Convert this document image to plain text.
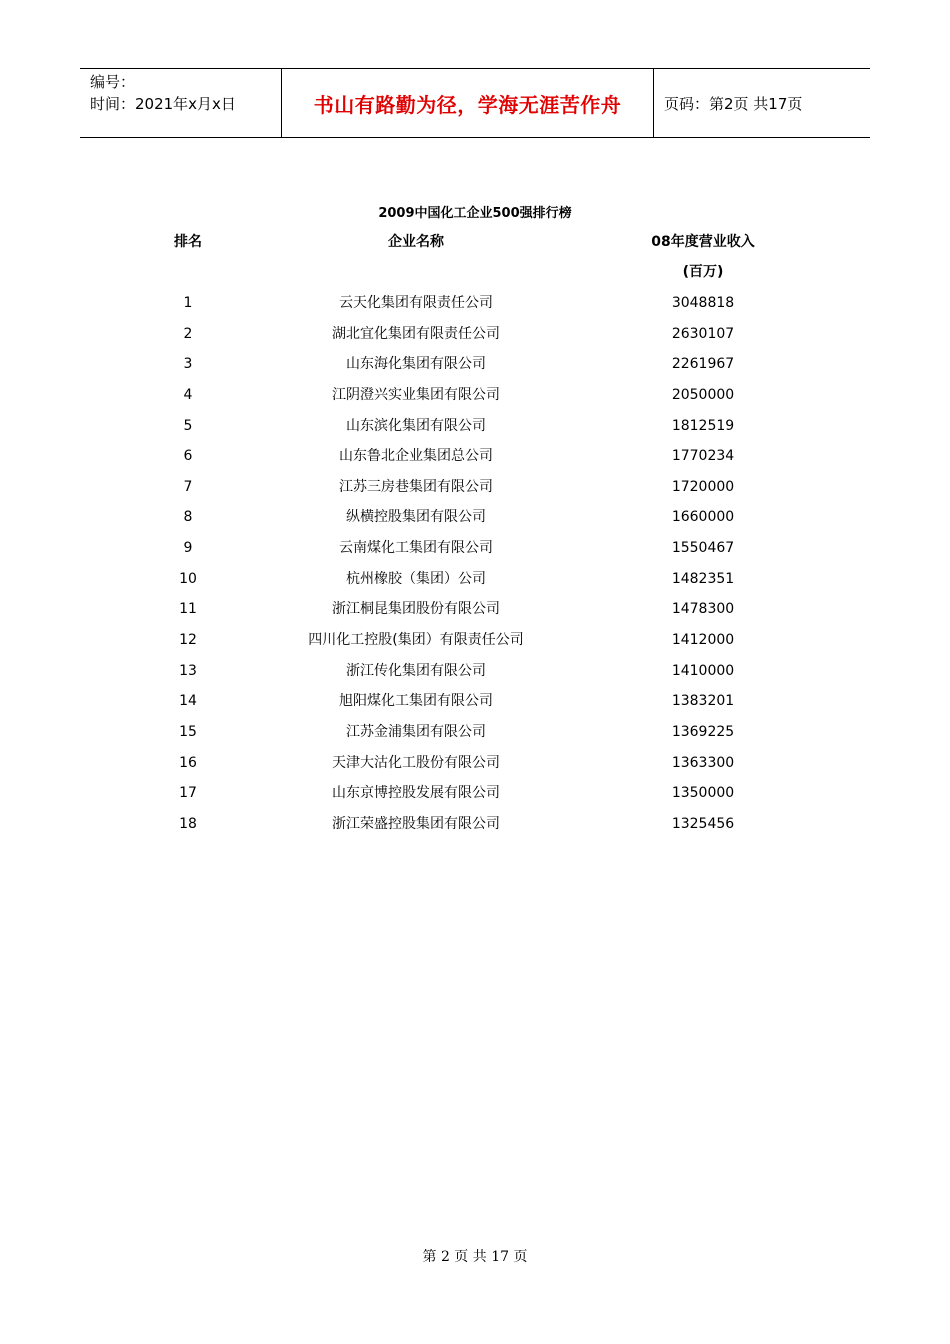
编号：
时间：2021年x月x日	书山有路勤为径，学海无涯苦作舟	页码：第2页 共17页
2009中国化工企业500强排行榜
排名	企业名称	08年度营业收入
(百万)
1	云天化集团有限责任公司	3048818
2	湖北宜化集团有限责任公司	2630107
3	山东海化集团有限公司	2261967
4	江阴澄兴实业集团有限公司	2050000
5	山东滨化集团有限公司	1812519
6	山东鲁北企业集团总公司	1770234
7	江苏三房巷集团有限公司	1720000
8	纵横控股集团有限公司	1660000
9	云南煤化工集团有限公司	1550467
10	杭州橡胶（集团）公司	1482351
11	浙江桐昆集团股份有限公司	1478300
12	四川化工控股(集团）有限责任公司	1412000
13	浙江传化集团有限公司	1410000
14	旭阳煤化工集团有限公司	1383201
15	江苏金浦集团有限公司	1369225
16	天津大沽化工股份有限公司	1363300
17	山东京博控股发展有限公司	1350000
18	浙江荣盛控股集团有限公司	1325456
第 2 页 共 17 页
